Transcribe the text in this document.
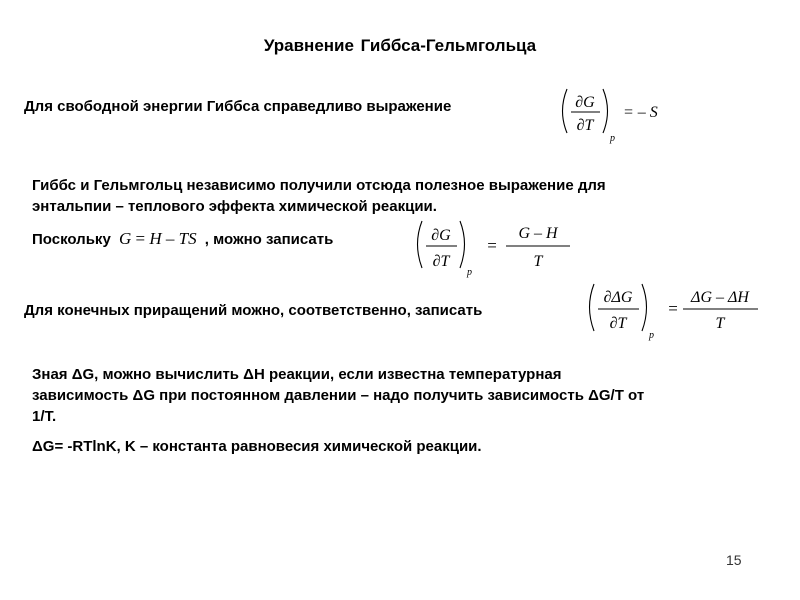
Уравнение Гиббса-Гельмгольца
Для свободной энергии Гиббса справедливо выражение	∂G
∂T
p
= – S
Гиббс и Гельмгольц независимо получили отсюда полезное выражение для
энтальпии – теплового эффекта химической реакции.
Поскольку G = H – TS , можно записать	∂G
∂T
p
=
G – H
T
Для конечных приращений можно, соответственно, записать
∂ΔG
∂T
p
=
ΔG – ΔH
T
Зная ΔG, можно вычислить ΔH реакции, если известна температурная
зависимость ΔG при постоянном давлении – надо получить зависимость ΔG/T от
1/T.
ΔG= -RTlnK, K – константа равновесия химической реакции.
15
